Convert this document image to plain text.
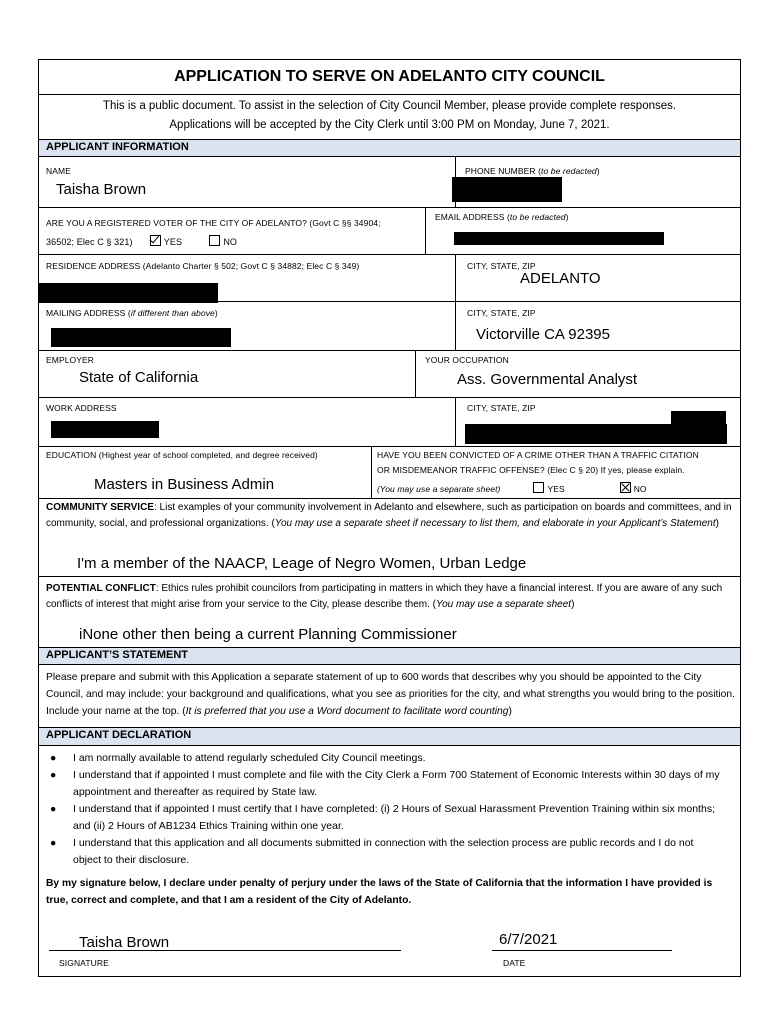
APPLICATION TO SERVE ON ADELANTO CITY COUNCIL
This is a public document. To assist in the selection of City Council Member, please provide complete responses.
Applications will be accepted by the City Clerk until 3:00 PM on Monday, June 7, 2021.
APPLICANT INFORMATION
NAME
Taisha Brown
PHONE NUMBER (to be redacted)
ARE YOU A REGISTERED VOTER OF THE CITY OF ADELANTO? (Govt C §§ 34904;
36502; Elec C § 321)	YES	NO
EMAIL ADDRESS (to be redacted)
RESIDENCE ADDRESS (Adelanto Charter § 502; Govt C § 34882; Elec C § 349)	CITY, STATE, ZIP
ADELANTO
MAILING ADDRESS (if different than above)	CITY, STATE, ZIP
Victorville CA 92395
EMPLOYER
State of California
YOUR OCCUPATION
Ass. Governmental Analyst
WORK ADDRESS	CITY, STATE, ZIP
EDUCATION (Highest year of school completed, and degree received)
Masters in Business Admin
HAVE YOU BEEN CONVICTED OF A CRIME OTHER THAN A TRAFFIC CITATION
OR MISDEMEANOR TRAFFIC OFFENSE? (Elec C § 20) If yes, please explain.
(You may use a separate sheet)	YES	NO
COMMUNITY SERVICE: List examples of your community involvement in Adelanto and elsewhere, such as participation on boards and committees, and in community, social, and professional organizations. (You may use a separate sheet if necessary to list them, and elaborate in your Applicant’s Statement)
I'm a member of the NAACP, Leage of Negro Women, Urban Ledge
POTENTIAL CONFLICT: Ethics rules prohibit councilors from participating in matters in which they have a financial interest. If you are aware of any such conflicts of interest that might arise from your service to the City, please describe them. (You may use a separate sheet)
iNone other then being a current Planning Commissioner
APPLICANT’S STATEMENT
Please prepare and submit with this Application a separate statement of up to 600 words that describes why you should be appointed to the City Council, and may include: your background and qualifications, what you see as priorities for the city, and what strengths you would bring to the position. Include your name at the top. (It is preferred that you use a Word document to facilitate word counting)
APPLICANT DECLARATION
● I am normally available to attend regularly scheduled City Council meetings.
● I understand that if appointed I must complete and file with the City Clerk a Form 700 Statement of Economic Interests within 30 days of my appointment and thereafter as required by State law.
● I understand that if appointed I must certify that I have completed: (i) 2 Hours of Sexual Harassment Prevention Training within six months; and (ii) 2 Hours of AB1234 Ethics Training within one year.
● I understand that this application and all documents submitted in connection with the selection process are public records and I do not object to their disclosure.
By my signature below, I declare under penalty of perjury under the laws of the State of California that the information I have provided is true, correct and complete, and that I am a resident of the City of Adelanto.
Taisha Brown
SIGNATURE
6/7/2021
DATE
